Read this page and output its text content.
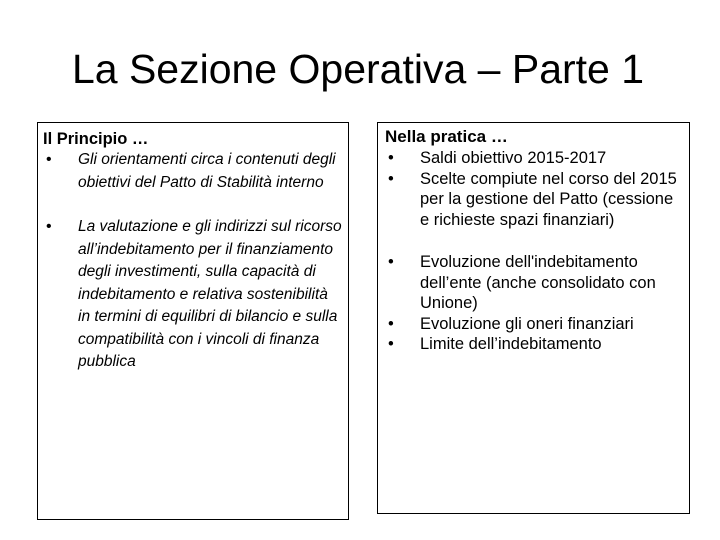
La Sezione Operativa – Parte 1

Il Principio …

•	Gli orientamenti circa i contenuti degli obiettivi del Patto di Stabilità interno
•	La valutazione e gli indirizzi sul ricorso all’indebitamento per il finanziamento degli investimenti, sulla capacità di indebitamento e relativa sostenibilità in termini di equilibri di bilancio e sulla compatibilità con i vincoli di finanza pubblica

Nella pratica …

•	Saldi obiettivo 2015-2017
•	Scelte compiute nel corso del 2015 per la gestione del Patto (cessione e richieste spazi finanziari)
•	Evoluzione dell'indebitamento dell’ente (anche consolidato con Unione)
•	Evoluzione gli oneri finanziari
•	Limite dell’indebitamento
